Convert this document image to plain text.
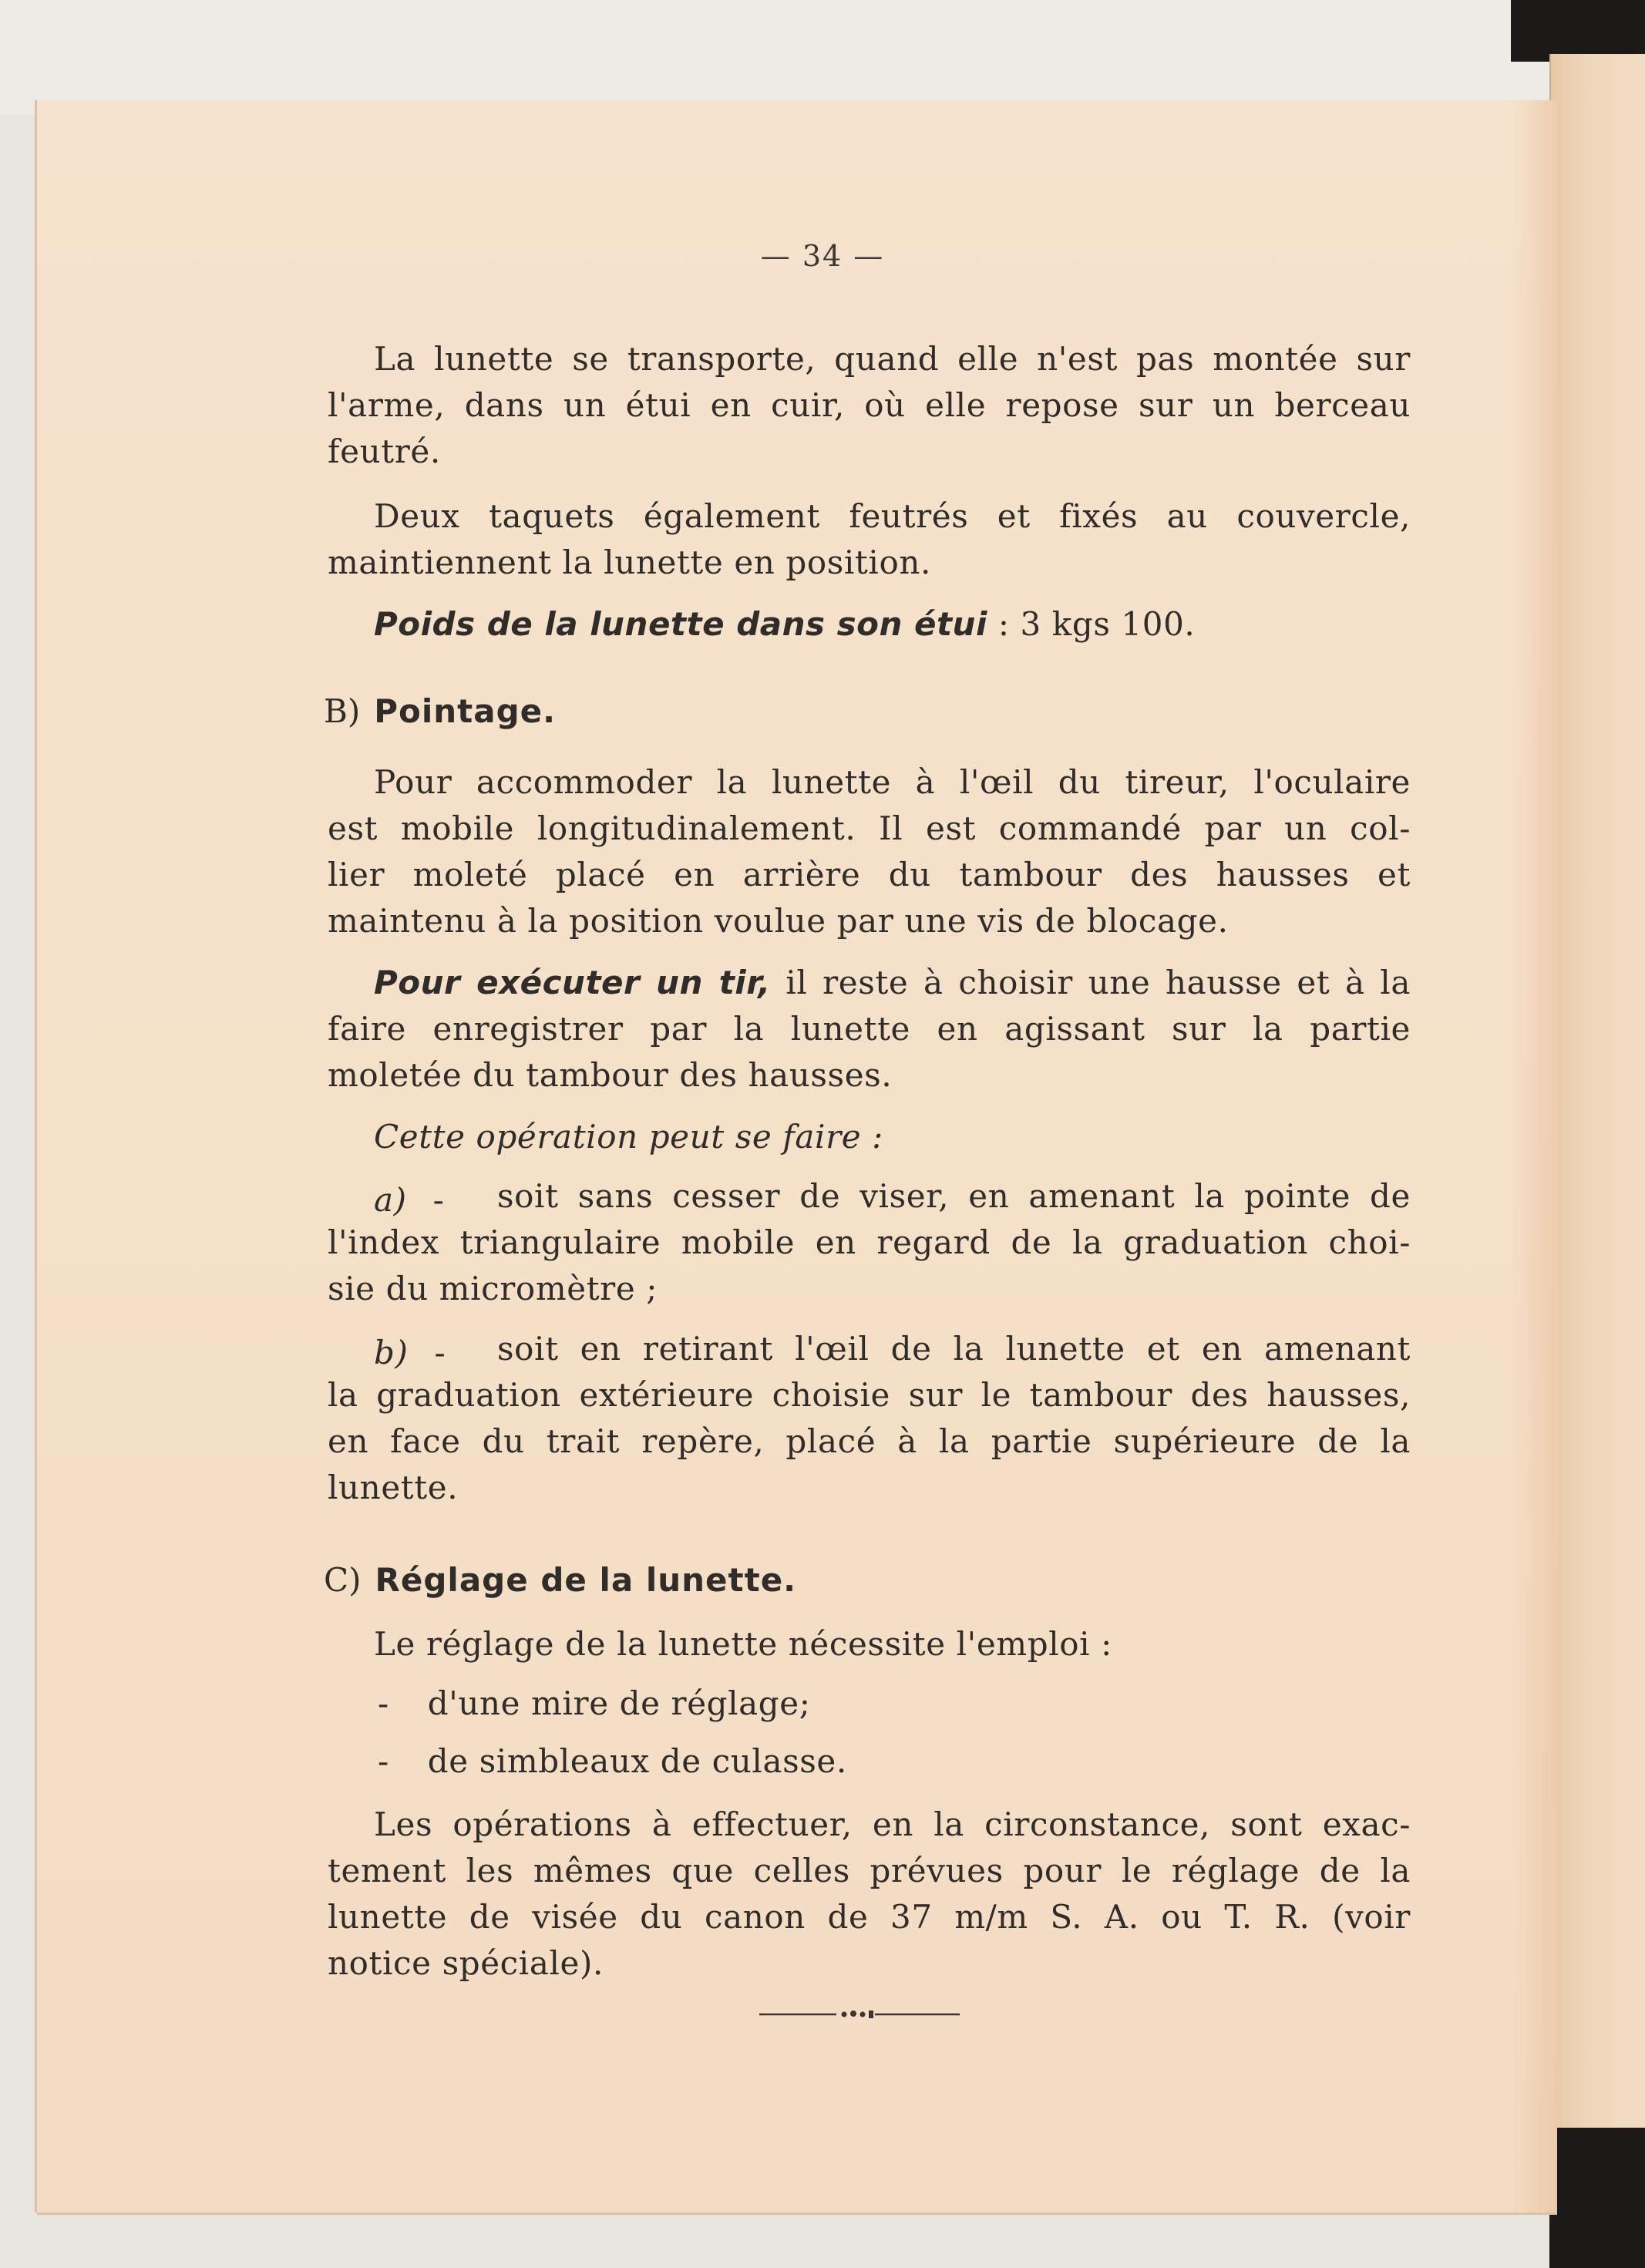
— 34 —
La lunette se transporte, quand elle n'est pas montée sur
l'arme, dans un étui en cuir, où elle repose sur un berceau
feutré.
Deux taquets également feutrés et fixés au couvercle,
maintiennent la lunette en position.
Poids de la lunette dans son étui : 3 kgs 100.
B) Pointage.
Pour accommoder la lunette à l'œil du tireur, l'oculaire
est mobile longitudinalement. Il est commandé par un col-
lier moleté placé en arrière du tambour des hausses et
maintenu à la position voulue par une vis de blocage.
Pour exécuter un tir, il reste à choisir une hausse et à la
faire enregistrer par la lunette en agissant sur la partie
moletée du tambour des hausses.
Cette opération peut se faire :
a) - soit sans cesser de viser, en amenant la pointe de
l'index triangulaire mobile en regard de la graduation choi-
sie du micromètre ;
b) - soit en retirant l'œil de la lunette et en amenant
la graduation extérieure choisie sur le tambour des hausses,
en face du trait repère, placé à la partie supérieure de la
lunette.
C) Réglage de la lunette.
Le réglage de la lunette nécessite l'emploi :
- d'une mire de réglage;
- de simbleaux de culasse.
Les opérations à effectuer, en la circonstance, sont exac-
tement les mêmes que celles prévues pour le réglage de la
lunette de visée du canon de 37 m/m S. A. ou T. R. (voir
notice spéciale).
